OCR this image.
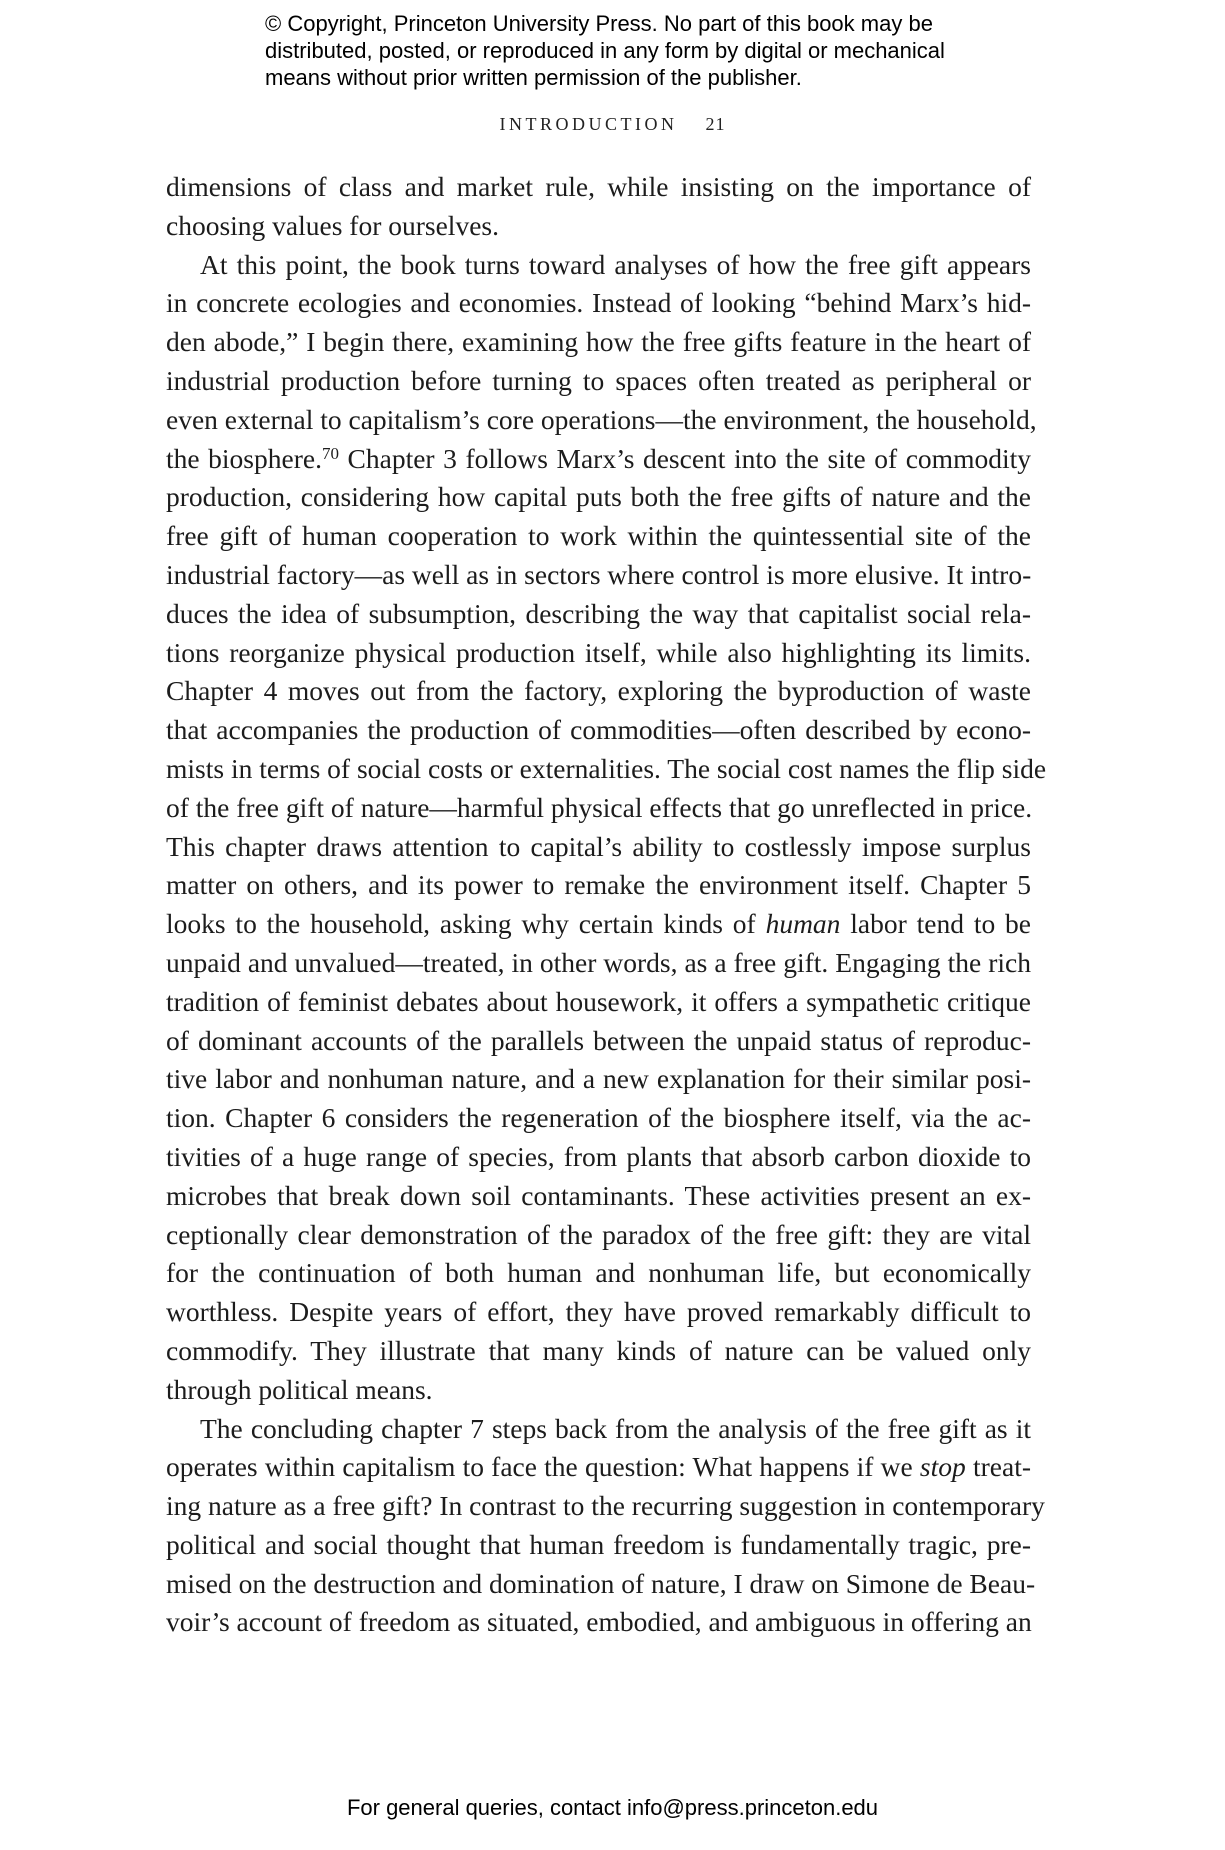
© Copyright, Princeton University Press. No part of this book may be
distributed, posted, or reproduced in any form by digital or mechanical
means without prior written permission of the publisher.
INTRODUCTION 21
dimensions of class and market rule, while insisting on the importance of
choosing values for ourselves.
At this point, the book turns toward analyses of how the free gift appears
in concrete ecologies and economies. Instead of looking “behind Marx’s hid-
den abode,” I begin there, examining how the free gifts feature in the heart of
industrial production before turning to spaces often treated as peripheral or
even external to capitalism’s core operations—the environment, the household,
the biosphere.$^{70}$ Chapter 3 follows Marx’s descent into the site of commodity
production, considering how capital puts both the free gifts of nature and the
free gift of human cooperation to work within the quintessential site of the
industrial factory—as well as in sectors where control is more elusive. It intro-
duces the idea of subsumption, describing the way that capitalist social rela-
tions reorganize physical production itself, while also highlighting its limits.
Chapter 4 moves out from the factory, exploring the byproduction of waste
that accompanies the production of commodities—often described by econo-
mists in terms of social costs or externalities. The social cost names the flip side
of the free gift of nature—harmful physical effects that go unreflected in price.
This chapter draws attention to capital’s ability to costlessly impose surplus
matter on others, and its power to remake the environment itself. Chapter 5
looks to the household, asking why certain kinds of human labor tend to be
unpaid and unvalued—treated, in other words, as a free gift. Engaging the rich
tradition of feminist debates about housework, it offers a sympathetic critique
of dominant accounts of the parallels between the unpaid status of reproduc-
tive labor and nonhuman nature, and a new explanation for their similar posi-
tion. Chapter 6 considers the regeneration of the biosphere itself, via the ac-
tivities of a huge range of species, from plants that absorb carbon dioxide to
microbes that break down soil contaminants. These activities present an ex-
ceptionally clear demonstration of the paradox of the free gift: they are vital
for the continuation of both human and nonhuman life, but economically
worthless. Despite years of effort, they have proved remarkably difficult to
commodify. They illustrate that many kinds of nature can be valued only
through political means.
The concluding chapter 7 steps back from the analysis of the free gift as it
operates within capitalism to face the question: What happens if we stop treat-
ing nature as a free gift? In contrast to the recurring suggestion in contemporary
political and social thought that human freedom is fundamentally tragic, pre-
mised on the destruction and domination of nature, I draw on Simone de Beau-
voir’s account of freedom as situated, embodied, and ambiguous in offering an
For general queries, contact info@press.princeton.edu
